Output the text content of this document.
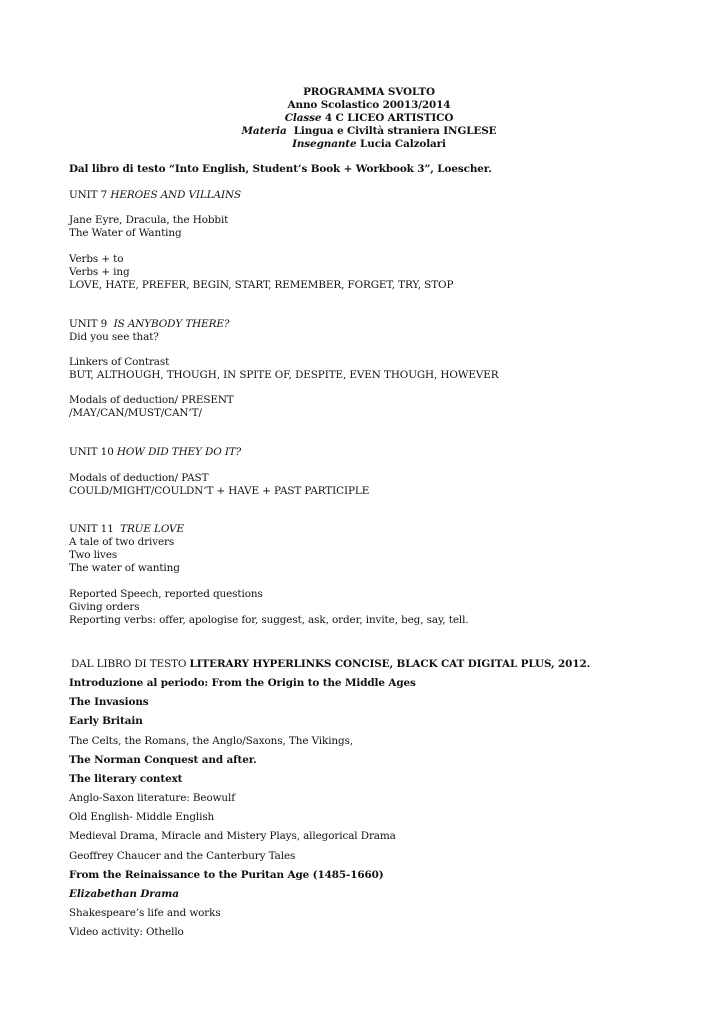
PROGRAMMA SVOLTO
Anno Scolastico 20013/2014
Classe 4 C LICEO ARTISTICO
Materia Lingua e Civiltà straniera INGLESE
Insegnante Lucia Calzolari
Dal libro di testo “Into English, Student’s Book + Workbook 3”, Loescher.
UNIT 7 HEROES AND VILLAINS
Jane Eyre, Dracula, the Hobbit
The Water of Wanting
Verbs + to
Verbs + ing
LOVE, HATE, PREFER, BEGIN, START, REMEMBER, FORGET, TRY, STOP
UNIT 9 IS ANYBODY THERE?
Did you see that?
Linkers of Contrast
BUT, ALTHOUGH, THOUGH, IN SPITE OF, DESPITE, EVEN THOUGH, HOWEVER
Modals of deduction/ PRESENT
/MAY/CAN/MUST/CAN’T/
UNIT 10 HOW DID THEY DO IT?
Modals of deduction/ PAST
COULD/MIGHT/COULDN’T + HAVE + PAST PARTICIPLE
UNIT 11 TRUE LOVE
A tale of two drivers
Two lives
The water of wanting
Reported Speech, reported questions
Giving orders
Reporting verbs: offer, apologise for, suggest, ask, order, invite, beg, say, tell.
DAL LIBRO DI TESTO LITERARY HYPERLINKS CONCISE, BLACK CAT DIGITAL PLUS, 2012.
Introduzione al periodo: From the Origin to the Middle Ages
The Invasions
Early Britain
The Celts, the Romans, the Anglo/Saxons, The Vikings,
The Norman Conquest and after.
The literary context
Anglo-Saxon literature: Beowulf
Old English- Middle English
Medieval Drama, Miracle and Mistery Plays, allegorical Drama
Geoffrey Chaucer and the Canterbury Tales
From the Reinaissance to the Puritan Age (1485-1660)
Elizabethan Drama
Shakespeare’s life and works
Video activity: Othello
